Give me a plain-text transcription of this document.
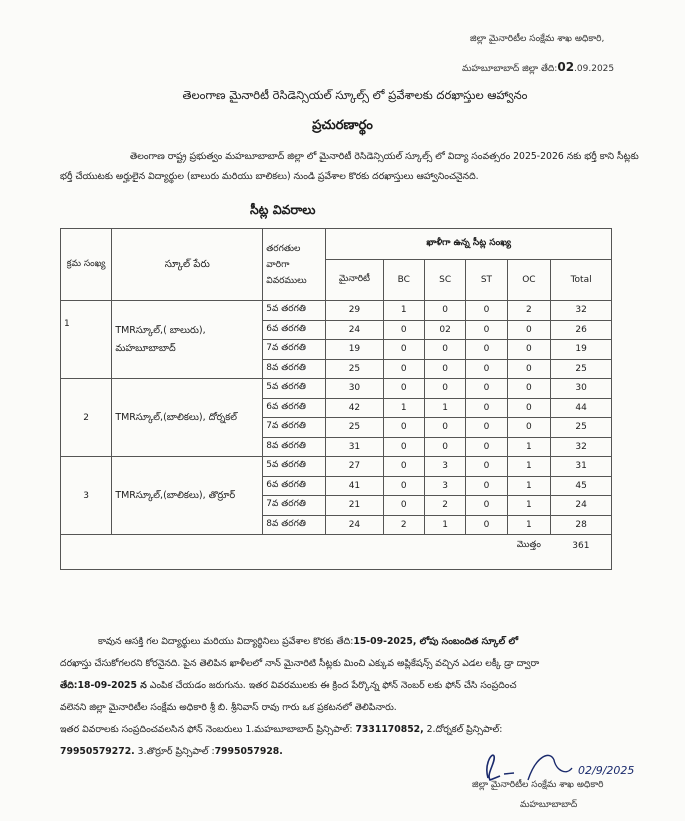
జిల్లా మైనారిటీల సంక్షేమ శాఖ అధికారి,
మహబూబాబాద్ జిల్లా తేది:02.09.2025
తెలంగాణ మైనారిటీ రెసిడెన్సియల్ స్కూల్స్ లో ప్రవేశాలకు దరఖాస్తుల ఆహ్వానం
ప్రచురణార్థం
తెలంగాణ రాష్ట్ర ప్రభుత్వం మహబూబాబాద్ జిల్లా లో మైనారిటీ రెసిడెన్సియల్ స్కూల్స్ లో విద్యా సంవత్సరం 2025-2026 నకు భర్తీ కాని సీట్లకు భర్తీ చేయుటకు అర్హులైన విద్యార్థుల (బాలురు మరియు బాలికలు) నుండి ప్రవేశాల కొరకు దరఖాస్తులు ఆహ్వానించనైనది.
సీట్ల వివరాలు
క్రమ సంఖ్య	స్కూల్ పేరు	తరగతుల వారిగా వివరములు	ఖాళీగా ఉన్న సీట్ల సంఖ్య					
			మైనారిటీ	BC	SC	ST	OC	Total
1	TMRస్కూల్,( బాలురు), మహబూబాబాద్	5వ తరగతి	29	1	0	0	2	32
		6వ తరగతి	24	0	02	0	0	26
		7వ తరగతి	19	0	0	0	0	19
		8వ తరగతి	25	0	0	0	0	25
2	TMRస్కూల్,(బాలికలు), దోర్నకల్	5వ తరగతి	30	0	0	0	0	30
		6వ తరగతి	42	1	1	0	0	44
		7వ తరగతి	25	0	0	0	0	25
		8వ తరగతి	31	0	0	0	1	32
3	TMRస్కూల్,(బాలికలు), తొర్రూర్	5వ తరగతి	27	0	3	0	1	31
		6వ తరగతి	41	0	3	0	1	45
		7వ తరగతి	21	0	2	0	1	24
		8వ తరగతి	24	2	1	0	1	28
							మొత్తం	361

కావున ఆసక్తి గల విద్యార్థులు మరియు విద్యార్థినిలు ప్రవేశాల కొరకు తేది:15-09-2025, లోపు సంబందిత స్కూల్ లో
దరఖాస్తు చేసుకోగలరని కోరనైనది. పైన తెలిపిన ఖాళీలలో నాన్ మైనారిటి సీట్లకు మించి ఎక్కువ అప్లికేషన్స్ వచ్చిన ఎడల లక్కీ డ్రా ద్వారా
తేది:18-09-2025 న ఎంపిక చేయడం జరుగును. ఇతర వివరములకు ఈ క్రింద పేర్కొన్న ఫోన్ నెంబర్ లకు ఫోన్ చేసి సంప్రదించ
వలెనని జిల్లా మైనారిటీల సంక్షేమ అధికారి శ్రీ బి. శ్రీనివాస్ రావు గారు ఒక ప్రకటనలో తెలిపినారు.
ఇతర వివరాలకు సంప్రదించవలసిన ఫోన్ నెంబరులు 1.మహబూబాబాద్ ప్రిన్సిపాల్: 7331170852, 2.దోర్నకల్ ప్రిన్సిపాల్:
79950579272. 3.తొర్రూర్ ప్రిన్సిపాల్ :7995057928.
02/9/2025
జిల్లా మైనారిటీల సంక్షేమ శాఖ అధికారి
మహబూబాబాద్
